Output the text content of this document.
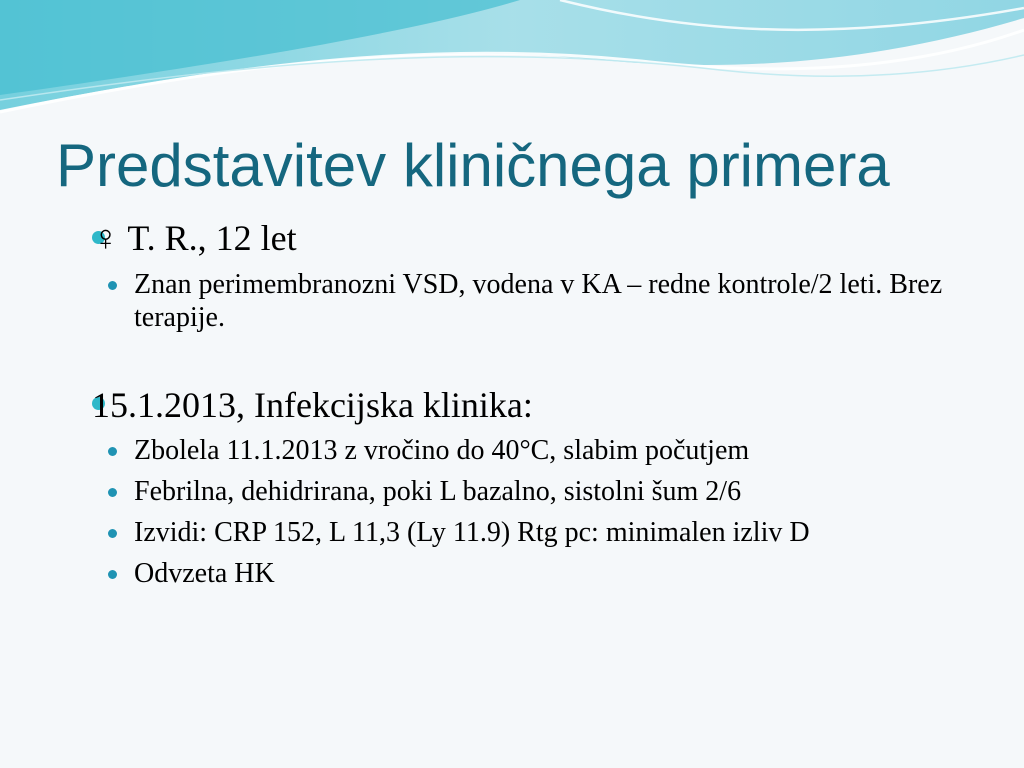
Predstavitev kliničnega primera
♀ T. R., 12 let
Znan perimembranozni VSD, vodena v KA – redne kontrole/2 leti. Brez terapije.
15.1.2013, Infekcijska klinika:
Zbolela 11.1.2013 z vročino do 40°C, slabim počutjem
Febrilna, dehidrirana, poki L bazalno, sistolni šum 2/6
Izvidi: CRP 152, L 11,3 (Ly 11.9) Rtg pc: minimalen izliv D
Odvzeta HK
